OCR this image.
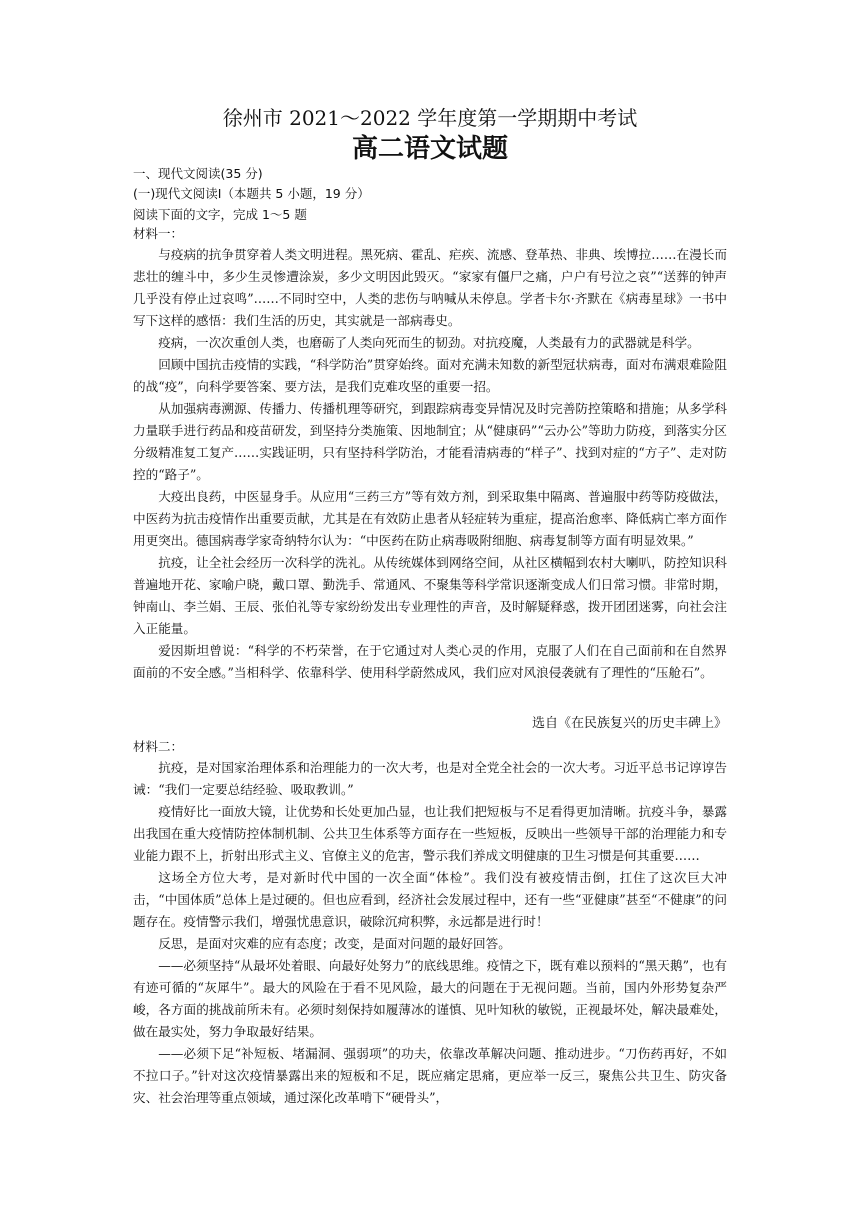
徐州市 2021～2022 学年度第一学期期中考试
高二语文试题
一、现代文阅读(35 分)
(一)现代文阅读Ⅰ（本题共 5 小题，19 分）
阅读下面的文字，完成 1～5 题
材料一：

与疫病的抗争贯穿着人类文明进程。黑死病、霍乱、疟疾、流感、登革热、非典、埃博拉……在漫长而悲壮的缠斗中，多少生灵惨遭涂炭，多少文明因此毁灭。“家家有僵尸之痛，户户有号泣之哀”“送葬的钟声几乎没有停止过哀鸣”……不同时空中，人类的悲伤与呐喊从未停息。学者卡尔·齐默在《病毒星球》一书中写下这样的感悟：我们生活的历史，其实就是一部病毒史。

疫病，一次次重创人类，也磨砺了人类向死而生的韧劲。对抗疫魔，人类最有力的武器就是科学。

回顾中国抗击疫情的实践，“科学防治”贯穿始终。面对充满未知数的新型冠状病毒，面对布满艰难险阻的战“疫”，向科学要答案、要方法，是我们克难攻坚的重要一招。

从加强病毒溯源、传播力、传播机理等研究，到跟踪病毒变异情况及时完善防控策略和措施；从多学科力量联手进行药品和疫苗研发，到坚持分类施策、因地制宜；从“健康码”“云办公”等助力防疫，到落实分区分级精准复工复产……实践证明，只有坚持科学防治，才能看清病毒的“样子”、找到对症的“方子”、走对防控的“路子”。

大疫出良药，中医显身手。从应用“三药三方”等有效方剂，到采取集中隔离、普遍服中药等防疫做法，中医药为抗击疫情作出重要贡献，尤其是在有效防止患者从轻症转为重症，提高治愈率、降低病亡率方面作用更突出。德国病毒学家奇纳特尔认为：“中医药在防止病毒吸附细胞、病毒复制等方面有明显效果。”

抗疫，让全社会经历一次科学的洗礼。从传统媒体到网络空间，从社区横幅到农村大喇叭，防控知识科普遍地开花、家喻户晓，戴口罩、勤洗手、常通风、不聚集等科学常识逐渐变成人们日常习惯。非常时期，钟南山、李兰娟、王辰、张伯礼等专家纷纷发出专业理性的声音，及时解疑释惑，拨开团团迷雾，向社会注入正能量。

爱因斯坦曾说：“科学的不朽荣誉，在于它通过对人类心灵的作用，克服了人们在自己面前和在自然界面前的不安全感。”当相科学、依靠科学、使用科学蔚然成风，我们应对风浪侵袭就有了理性的“压舱石”。

选自《在民族复兴的历史丰碑上》
材料二：

抗疫，是对国家治理体系和治理能力的一次大考，也是对全党全社会的一次大考。习近平总书记谆谆告诫：“我们一定要总结经验、吸取教训。”

疫情好比一面放大镜，让优势和长处更加凸显，也让我们把短板与不足看得更加清晰。抗疫斗争，暴露出我国在重大疫情防控体制机制、公共卫生体系等方面存在一些短板，反映出一些领导干部的治理能力和专业能力跟不上，折射出形式主义、官僚主义的危害，警示我们养成文明健康的卫生习惯是何其重要……

这场全方位大考，是对新时代中国的一次全面“体检”。我们没有被疫情击倒，扛住了这次巨大冲击，“中国体质”总体上是过硬的。但也应看到，经济社会发展过程中，还有一些“亚健康”甚至“不健康”的问题存在。疫情警示我们，增强忧患意识，破除沉疴积弊，永远都是进行时！

反思，是面对灾难的应有态度；改变，是面对问题的最好回答。

——必须坚持“从最坏处着眼、向最好处努力”的底线思维。疫情之下，既有难以预料的“黑天鹅”，也有有迹可循的“灰犀牛”。最大的风险在于看不见风险，最大的问题在于无视问题。当前，国内外形势复杂严峻，各方面的挑战前所未有。必须时刻保持如履薄冰的谨慎、见叶知秋的敏锐，正视最坏处，解决最难处，做在最实处，努力争取最好结果。

——必须下足“补短板、堵漏洞、强弱项”的功夫，依靠改革解决问题、推动进步。“刀伤药再好，不如不拉口子。”针对这次疫情暴露出来的短板和不足，既应痛定思痛，更应举一反三，聚焦公共卫生、防灾备灾、社会治理等重点领域，通过深化改革啃下“硬骨头”，
